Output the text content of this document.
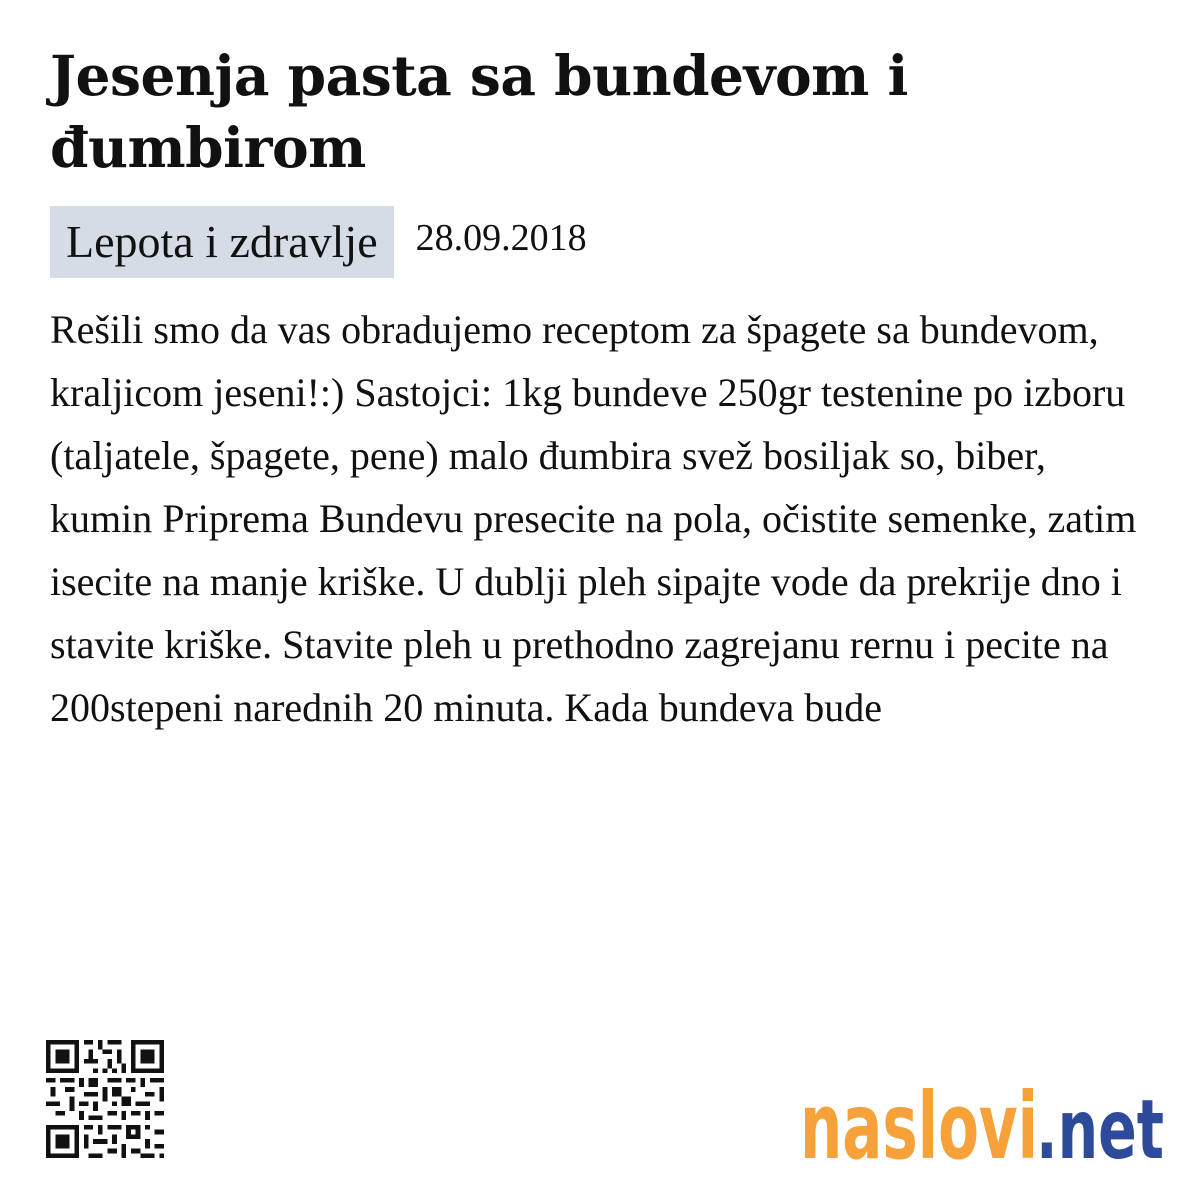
Jesenja pasta sa bundevom i đumbirom
Lepota i zdravlje	28.09.2018

Rešili smo da vas obradujemo receptom za špagete sa bundevom, kraljicom jeseni!:) Sastojci: 1kg bundeve 250gr testenine po izboru (taljatele, špagete, pene) malo đumbira svež bosiljak so, biber, kumin Priprema Bundevu presecite na pola, očistite semenke, zatim isecite na manje kriške. U dublji pleh sipajte vode da prekrije dno i stavite kriške. Stavite pleh u prethodno zagrejanu rernu i pecite na 200stepeni narednih 20 minuta. Kada bundeva bude

naslovi
.net
